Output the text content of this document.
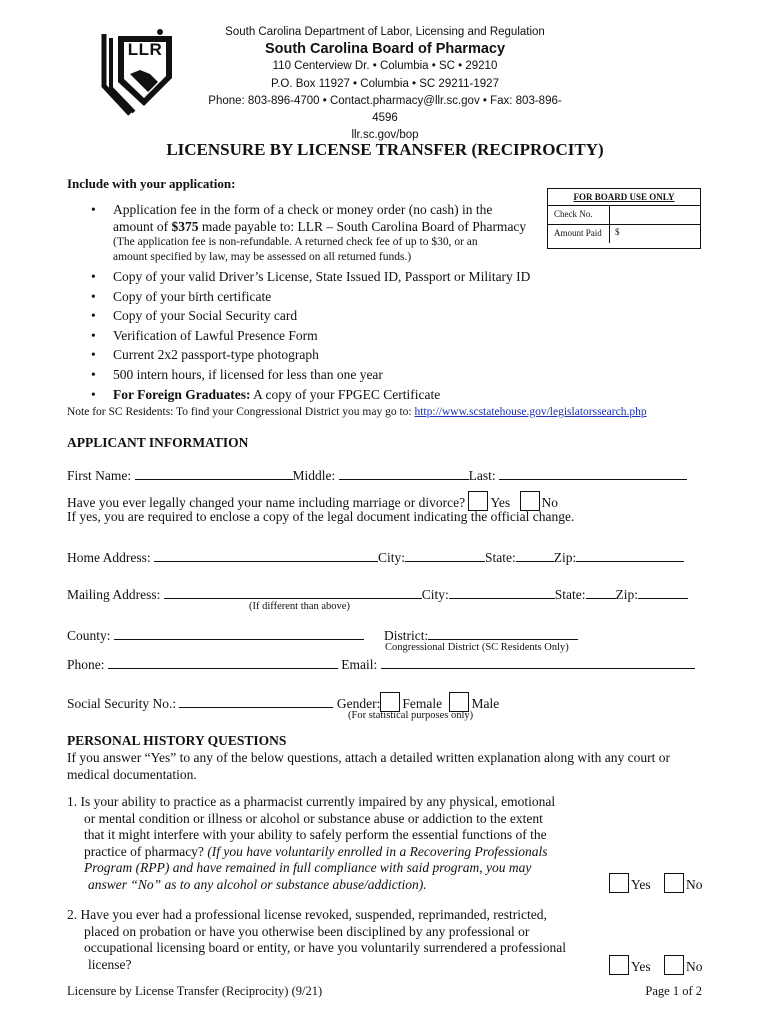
LLR
South Carolina Department of Labor, Licensing and Regulation
South Carolina Board of Pharmacy
110 Centerview Dr. • Columbia • SC • 29210
P.O. Box 11927 • Columbia • SC 29211-1927
Phone: 803-896-4700 • Contact.pharmacy@llr.sc.gov • Fax: 803-896-4596
llr.sc.gov/bop
LICENSURE BY LICENSE TRANSFER (RECIPROCITY)
Include with your application:
FOR BOARD USE ONLY
Check No.
Amount Paid	$
• Application fee in the form of a check or money order (no cash) in the
amount of $375 made payable to: LLR – South Carolina Board of Pharmacy
(The application fee is non-refundable. A returned check fee of up to $30, or an
amount specified by law, may be assessed on all returned funds.)
• Copy of your valid Driver’s License, State Issued ID, Passport or Military ID
• Copy of your birth certificate
• Copy of your Social Security card
• Verification of Lawful Presence Form
• Current 2x2 passport-type photograph
• 500 intern hours, if licensed for less than one year
• For Foreign Graduates: A copy of your FPGEC Certificate
Note for SC Residents: To find your Congressional District you may go to: http://www.scstatehouse.gov/legislatorssearch.php
APPLICANT INFORMATION
First Name:	Middle:	Last:
Have you ever legally changed your name including marriage or divorce? Yes No
If yes, you are required to enclose a copy of the legal document indicating the official change.
Home Address:	City:	State:	Zip:
Mailing Address:	City:	State: Zip:
(If different than above)
County:	District:
Congressional District (SC Residents Only)
Phone:	Email:
Social Security No.:	Gender: Female Male
(For statistical purposes only)
PERSONAL HISTORY QUESTIONS
If you answer “Yes” to any of the below questions, attach a detailed written explanation along with any court or
medical documentation.

1. Is your ability to practice as a pharmacist currently impaired by any physical, emotional

or mental condition or illness or alcohol or substance abuse or addiction to the extent

that it might interfere with your ability to safely perform the essential functions of the

practice of pharmacy? (If you have voluntarily enrolled in a Recovering Professionals

Program (RPP) and have remained in full compliance with said program, you may

answer “No” as to any alcohol or substance abuse/addiction).	Yes	No

2. Have you ever had a professional license revoked, suspended, reprimanded, restricted,

placed on probation or have you otherwise been disciplined by any professional or

occupational licensing board or entity, or have you voluntarily surrendered a professional

license?	Yes	No
Licensure by License Transfer (Reciprocity) (9/21)	Page 1 of 2
